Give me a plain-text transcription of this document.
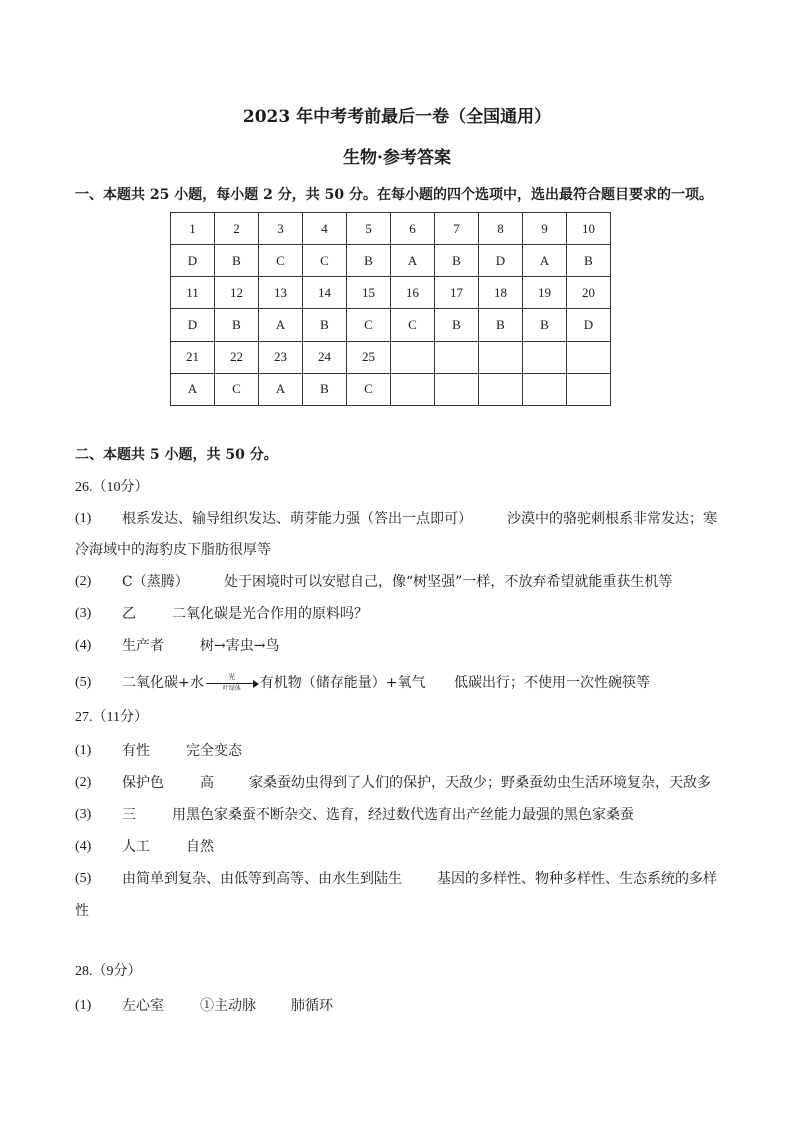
2023 年中考考前最后一卷（全国通用）
生物·参考答案
一、本题共 25 小题，每小题 2 分，共 50 分。在每小题的四个选项中，选出最符合题目要求的一项。
1	2	3	4	5	6	7	8	9	10
D	B	C	C	B	A	B	D	A	B
11	12	13	14	15	16	17	18	19	20
D	B	A	B	C	C	B	B	B	D
21	22	23	24	25					
A	C	A	B	C					
二、本题共 5 小题，共 50 分。
26.（10分）
(1) 根系发达、输导组织发达、萌芽能力强（答出一点即可）	沙漠中的骆驼刺根系非常发达；寒
冷海域中的海豹皮下脂肪很厚等
(2) C（蒸腾）	处于困境时可以安慰自己，像“树坚强”一样，不放弃希望就能重获生机等
(3) 乙	二氧化碳是光合作用的原料吗？
(4) 生产者	树→害虫→鸟
(5) 二氧化碳+水	光
叶绿体	有机物（储存能量）+氧气 低碳出行；不使用一次性碗筷等
27.（11分）
(1) 有性	完全变态
(2) 保护色	高	家桑蚕幼虫得到了人们的保护，天敌少；野桑蚕幼虫生活环境复杂，天敌多
(3) 三	用黑色家桑蚕不断杂交、选育，经过数代选育出产丝能力最强的黑色家桑蚕
(4) 人工	自然
(5) 由简单到复杂、由低等到高等、由水生到陆生	基因的多样性、物种多样性、生态系统的多样
性
28.（9分）
(1) 左心室	①主动脉	肺循环
